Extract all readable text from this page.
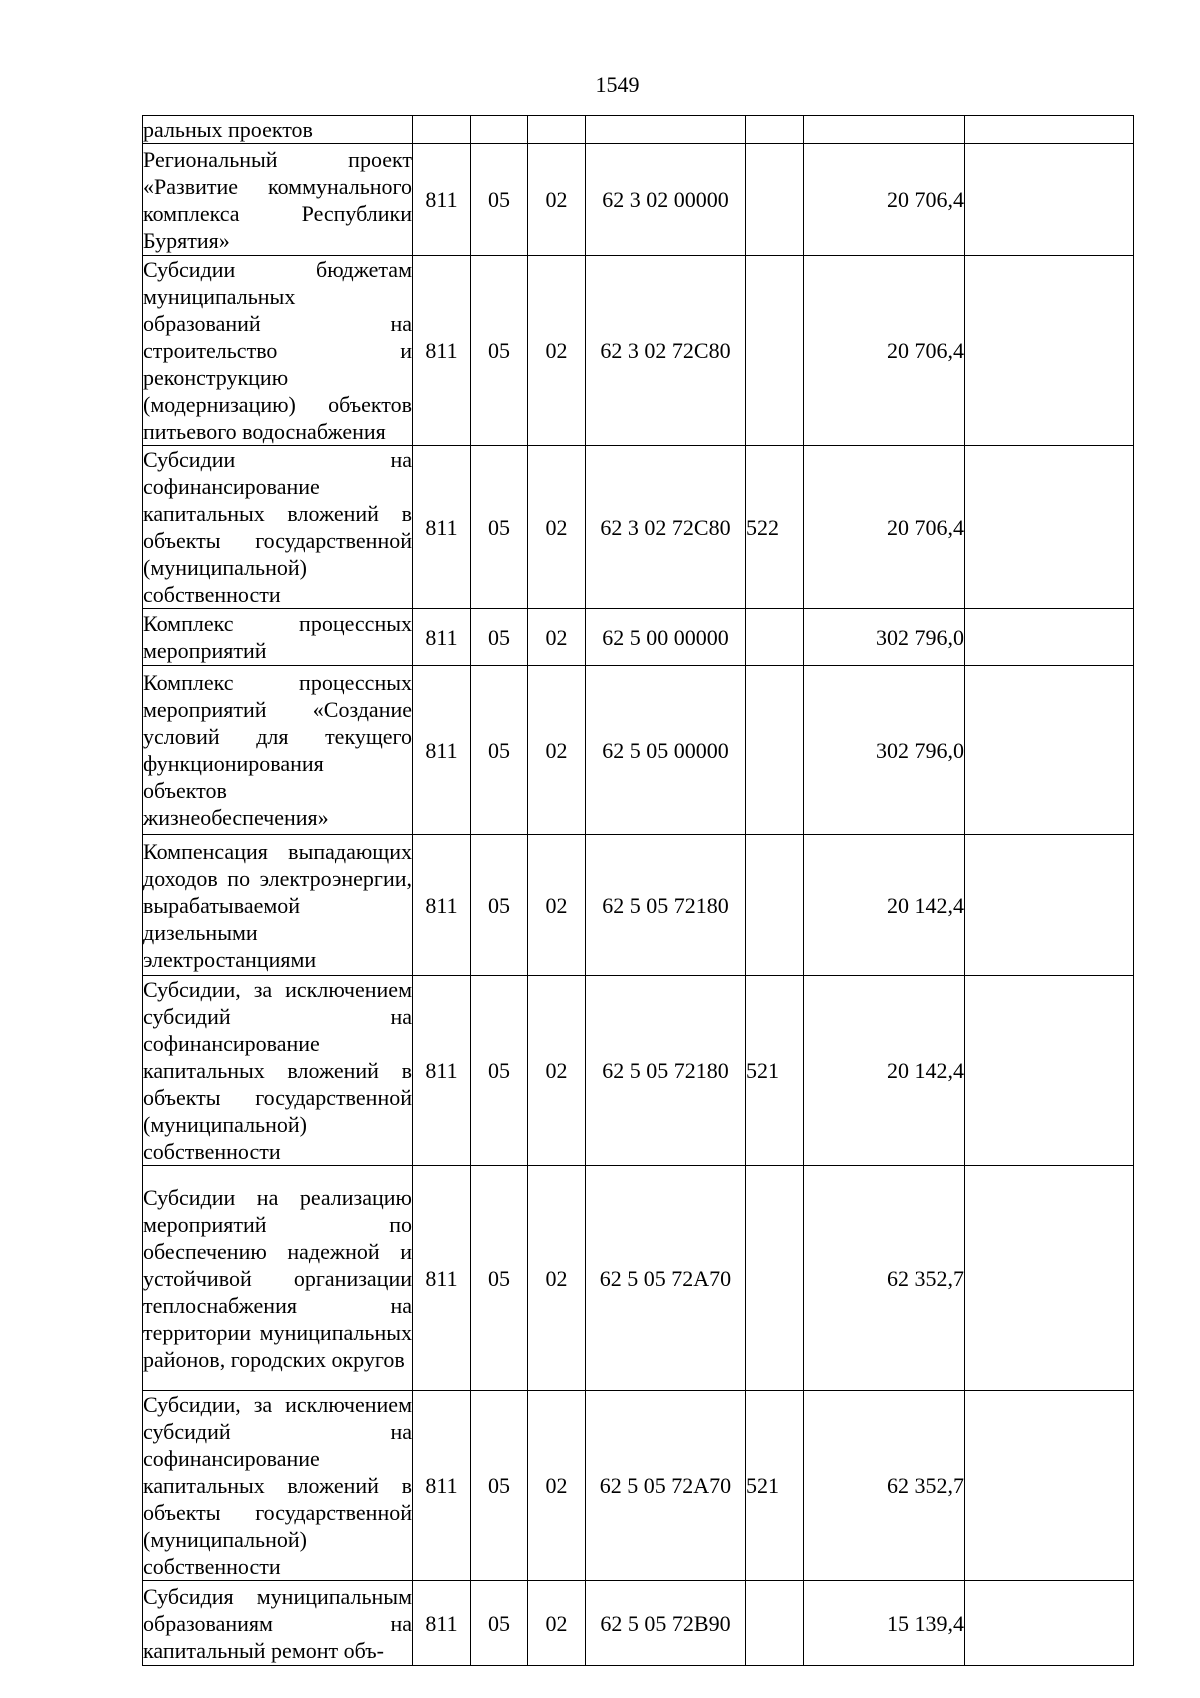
1549
ральных проектов							
Региональный проект «Развитие коммунального комплекса Республики Бурятия»	811	05	02	62 3 02 00000		20 706,4	
Субсидии бюджетам муниципальных образований на строительство и реконструкцию (модернизацию) объектов питьевого водоснабжения	811	05	02	62 3 02 72С80		20 706,4	
Субсидии на софинансирование капитальных вложений в объекты государственной (муниципальной) собственности	811	05	02	62 3 02 72С80	522	20 706,4	
Комплекс процессных мероприятий	811	05	02	62 5 00 00000		302 796,0	
Комплекс процессных мероприятий «Создание условий для текущего функционирования объектов жизнеобеспечения»	811	05	02	62 5 05 00000		302 796,0	
Компенсация выпадающих доходов по электроэнергии, вырабатываемой дизельными электростанциями	811	05	02	62 5 05 72180		20 142,4	
Субсидии, за исключением субсидий на софинансирование капитальных вложений в объекты государственной (муниципальной) собственности	811	05	02	62 5 05 72180	521	20 142,4	
Субсидии на реализацию мероприятий по обеспечению надежной и устойчивой организации теплоснабжения на территории муниципальных районов, городских округов	811	05	02	62 5 05 72А70		62 352,7	
Субсидии, за исключением субсидий на софинансирование капитальных вложений в объекты государственной (муниципальной) собственности	811	05	02	62 5 05 72А70	521	62 352,7	
Субсидия муниципальным образованиям на капитальный ремонт объ-	811	05	02	62 5 05 72В90		15 139,4	
